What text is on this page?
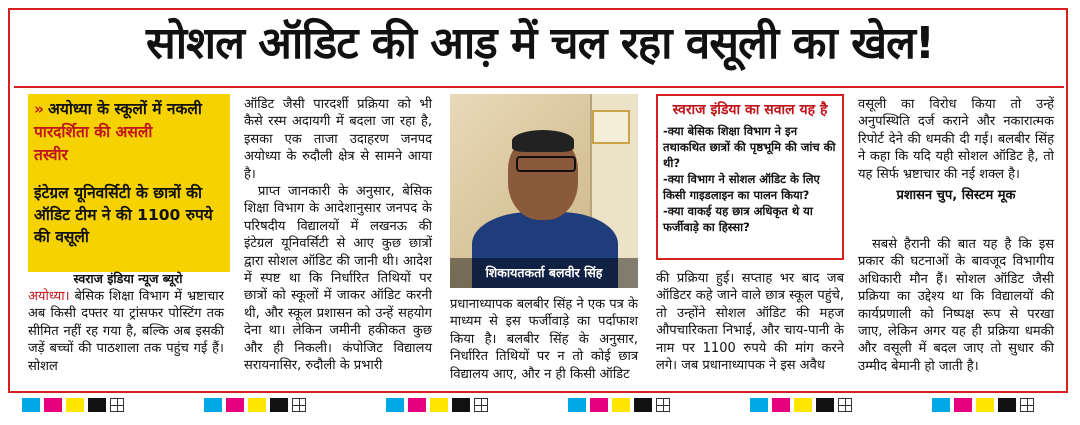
सोशल ऑडिट की आड़ में चल रहा वसूली का खेल!
» अयोध्या के स्कूलों में नकली
पारदर्शिता की असली
तस्वीर
इंटेग्रल यूनिवर्सिटी के छात्रों की ऑडिट टीम ने की 1100 रुपये की वसूली
स्वराज इंडिया न्यूज ब्यूरो

अयोध्या। बेसिक शिक्षा विभाग में भ्रष्टाचार अब किसी दफ्तर या ट्रांसफर पोस्टिंग तक सीमित नहीं रह गया है, बल्कि अब इसकी जड़ें बच्चों की पाठशाला तक पहुंच गई हैं। सोशल

ऑडिट जैसी पारदर्शी प्रक्रिया को भी कैसे रस्म अदायगी में बदला जा रहा है, इसका एक ताजा उदाहरण जनपद अयोध्या के रुदौली क्षेत्र से सामने आया है।

प्राप्त जानकारी के अनुसार, बेसिक शिक्षा विभाग के आदेशानुसार जनपद के परिषदीय विद्यालयों में लखनऊ की इंटेग्रल यूनिवर्सिटी से आए कुछ छात्रों द्वारा सोशल ऑडिट की जानी थी। आदेश में स्पष्ट था कि निर्धारित तिथियों पर छात्रों को स्कूलों में जाकर ऑडिट करनी थी, और स्कूल प्रशासन को उन्हें सहयोग देना था। लेकिन जमीनी हकीकत कुछ और ही निकली। कंपोजिट विद्यालय सरायनासिर, रुदौली के प्रभारी

शिकायतकर्ता बलवीर सिंह

प्रधानाध्यापक बलबीर सिंह ने एक पत्र के माध्यम से इस फर्जीवाड़े का पर्दाफाश किया है। बलबीर सिंह के अनुसार, निर्धारित तिथियों पर न तो कोई छात्र विद्यालय आए, और न ही किसी ऑडिट

स्वराज इंडिया का सवाल यह है
-क्या बेसिक शिक्षा विभाग ने इन तथाकथित छात्रों की पृष्ठभूमि की जांच की थी?
-क्या विभाग ने सोशल ऑडिट के लिए किसी गाइडलाइन का पालन किया?
-क्या वाकई यह छात्र अधिकृत थे या फर्जीवाड़े का हिस्सा?

की प्रक्रिया हुई। सप्ताह भर बाद जब ऑडिटर कहे जाने वाले छात्र स्कूल पहुंचे, तो उन्होंने सोशल ऑडिट की महज औपचारिकता निभाई, और चाय-पानी के नाम पर 1100 रुपये की मांग करने लगे। जब प्रधानाध्यापक ने इस अवैध

वसूली का विरोध किया तो उन्हें अनुपस्थिति दर्ज कराने और नकारात्मक रिपोर्ट देने की धमकी दी गई। बलबीर सिंह ने कहा कि यदि यही सोशल ऑडिट है, तो यह सिर्फ भ्रष्टाचार की नई शक्ल है।

प्रशासन चुप, सिस्टम मूक

सबसे हैरानी की बात यह है कि इस प्रकार की घटनाओं के बावजूद विभागीय अधिकारी मौन हैं। सोशल ऑडिट जैसी प्रक्रिया का उद्देश्य था कि विद्यालयों की कार्यप्रणाली को निष्पक्ष रूप से परखा जाए, लेकिन अगर यह ही प्रक्रिया धमकी और वसूली में बदल जाए तो सुधार की उम्मीद बेमानी हो जाती है।
